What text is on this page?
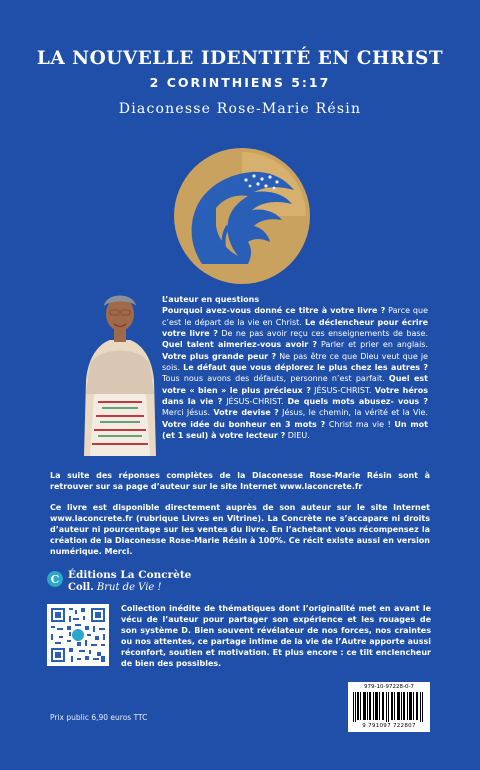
LA NOUVELLE IDENTITÉ EN CHRIST
2 CORINTHIENS 5:17
Diaconesse Rose-Marie Résin
L’auteur en questions
Pourquoi avez-vous donné ce titre à votre livre ? Parce que c’est le départ de la vie en Christ. Le déclencheur pour écrire votre livre ? De ne pas avoir reçu ces enseignements de base. Quel talent aimeriez-vous avoir ? Parler et prier en anglais. Votre plus grande peur ? Ne pas être ce que Dieu veut que je sois. Le défaut que vous déplorez le plus chez les autres ? Tous nous avons des défauts, personne n’est parfait. Quel est votre « bien » le plus précieux ? JÉSUS-CHRIST. Votre héros dans la vie ? JÉSUS-CHRIST. De quels mots abusez- vous ? Merci Jésus. Votre devise ? Jésus, le chemin, la vérité et la Vie. Votre idée du bonheur en 3 mots ? Christ ma vie ! Un mot (et 1 seul) à votre lecteur ? DIEU.
La suite des réponses complètes de la Diaconesse Rose-Marie Résin sont à retrouver sur sa page d’auteur sur le site Internet www.laconcrete.fr
Ce livre est disponible directement auprès de son auteur sur le site Internet www.laconcrete.fr (rubrique Livres en Vitrine). La Concrète ne s’accapare ni droits d’auteur ni pourcentage sur les ventes du livre. En l’achetant vous récompensez la création de la Diaconesse Rose-Marie Résin à 100%. Ce récit existe aussi en version numérique. Merci.
C Éditions La Concrète
Coll. Brut de Vie !
Collection inédite de thématiques dont l’originalité met en avant le vécu de l’auteur pour partager son expérience et les rouages de son système D. Bien souvent révélateur de nos forces, nos craintes ou nos attentes, ce partage intime de la vie de l’Autre apporte aussi réconfort, soutien et motivation. Et plus encore : ce tilt enclencheur de bien des possibles.
979-10-97228-0-7
9 791097 722807
Prix public 6,90 euros TTC
